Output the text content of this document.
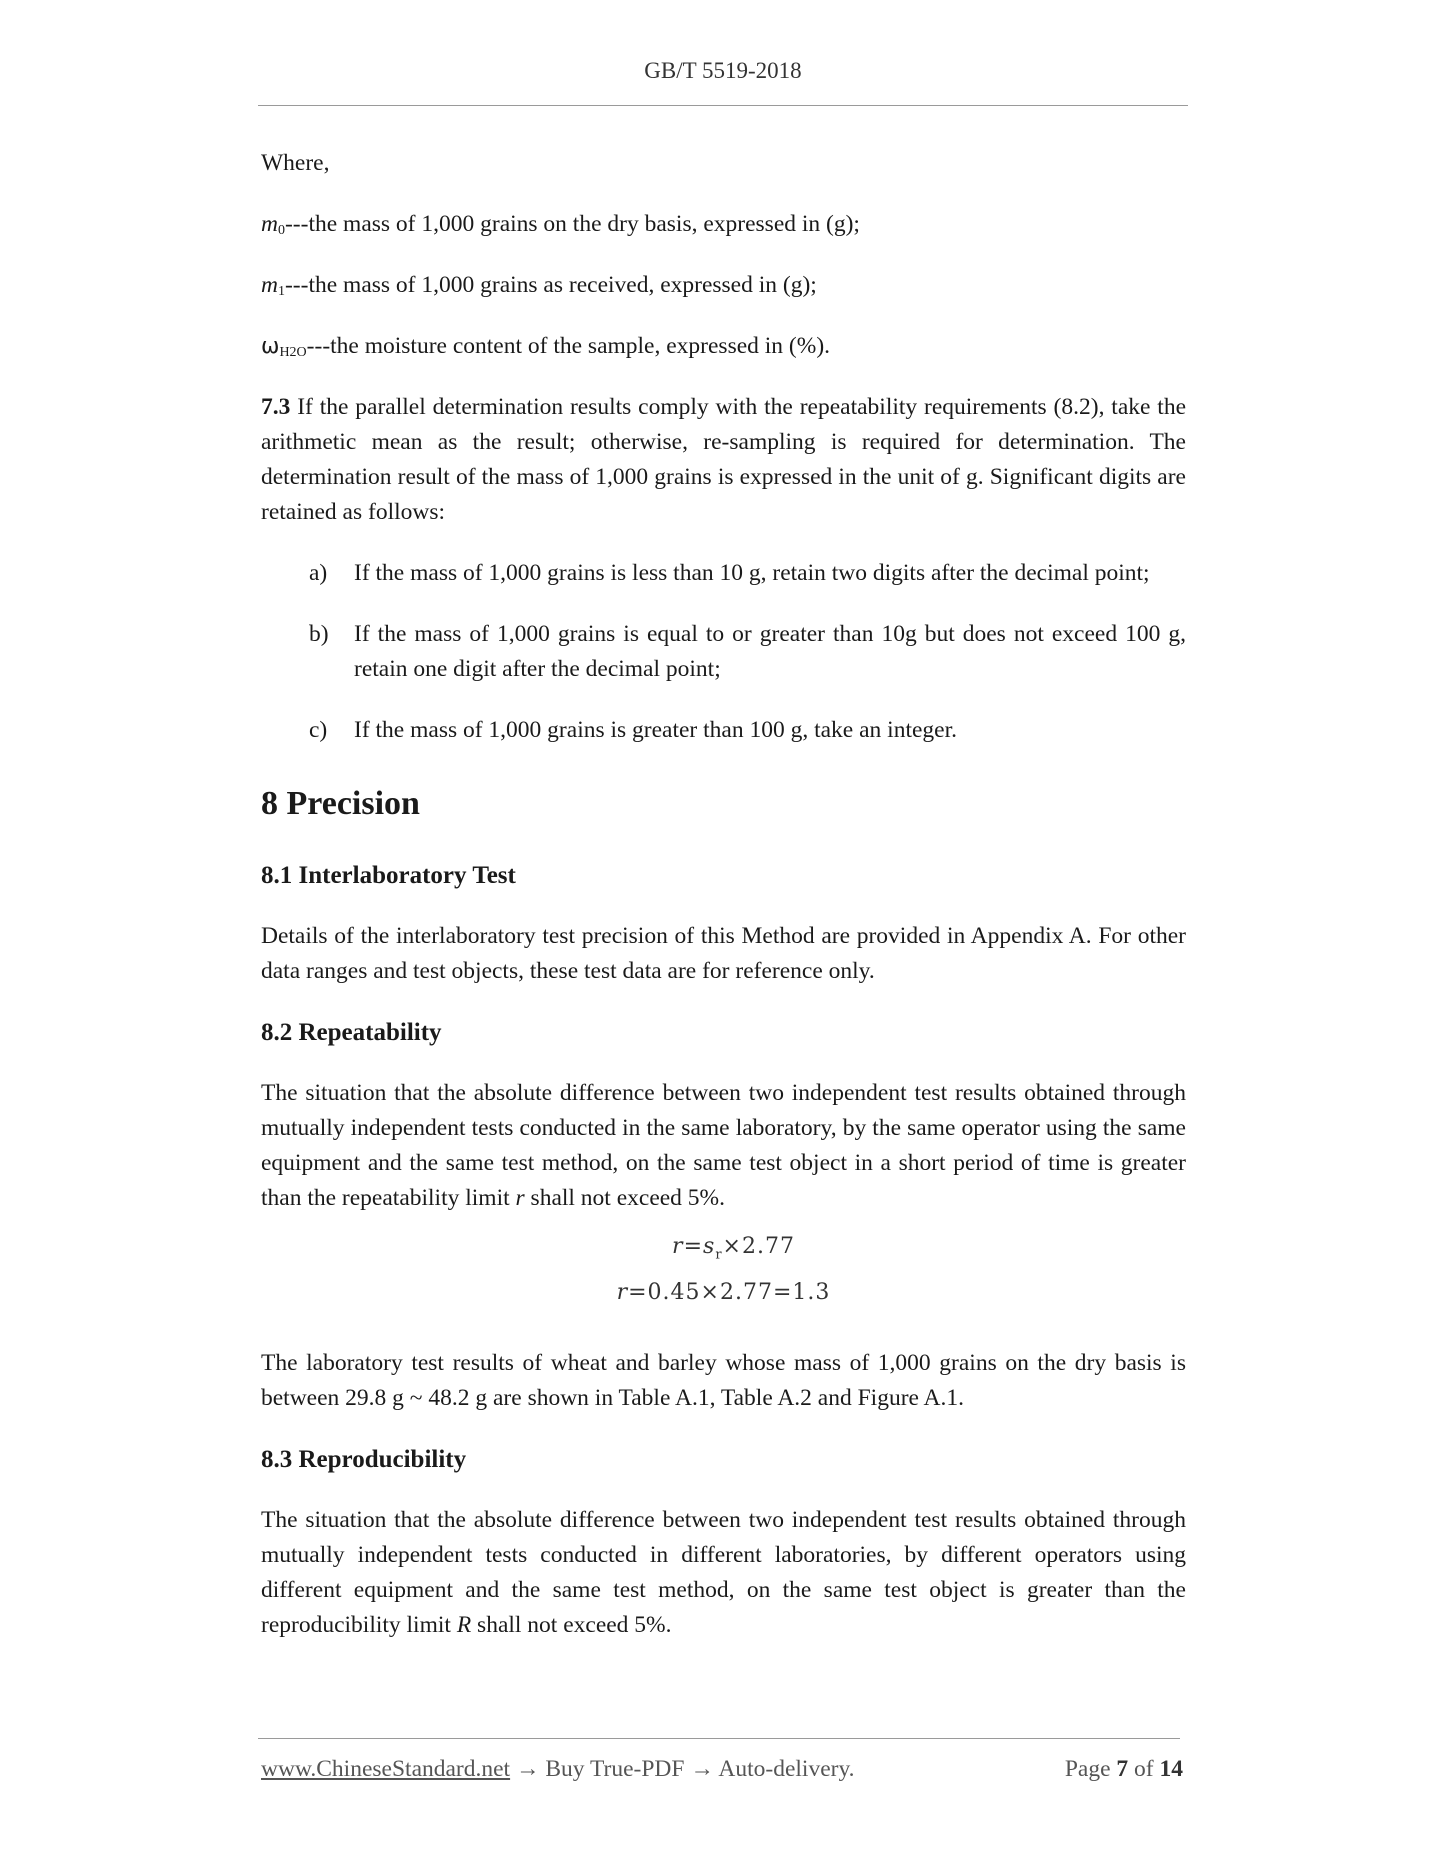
GB/T 5519-2018

Where,

$m_0--$-the mass of 1,000 grains on the dry basis, expressed in (g);

$m_1--$-the mass of 1,000 grains as received, expressed in (g);

$\omega_{H2O}--$-the moisture content of the sample, expressed in (%).

7.3 If the parallel determination results comply with the repeatability requirements (8.2), take the arithmetic mean as the result; otherwise, re-sampling is required for determination. The determination result of the mass of 1,000 grains is expressed in the unit of g. Significant digits are retained as follows:

a)	If the mass of 1,000 grains is less than 10 g, retain two digits after the decimal point;
b)	If the mass of 1,000 grains is equal to or greater than 10g but does not exceed 100 g, retain one digit after the decimal point;
c)	If the mass of 1,000 grains is greater than 100 g, take an integer.
8 Precision
8.1 Interlaboratory Test

Details of the interlaboratory test precision of this Method are provided in Appendix A. For other data ranges and test objects, these test data are for reference only.

8.2 Repeatability

The situation that the absolute difference between two independent test results obtained through mutually independent tests conducted in the same laboratory, by the same operator using the same equipment and the same test method, on the same test object in a short period of time is greater than the repeatability limit r shall not exceed 5%.

$r=s_r\times 2.77$
r=0.45×2.77=1.3

The laboratory test results of wheat and barley whose mass of 1,000 grains on the dry basis is between 29.8 g ~ 48.2 g are shown in Table A.1, Table A.2 and Figure A.1.

8.3 Reproducibility

The situation that the absolute difference between two independent test results obtained through mutually independent tests conducted in different laboratories, by different operators using different equipment and the same test method, on the same test object is greater than the reproducibility limit R shall not exceed 5%.

www.ChineseStandard.net → Buy True-PDF → Auto-delivery.	Page 7 of 14
